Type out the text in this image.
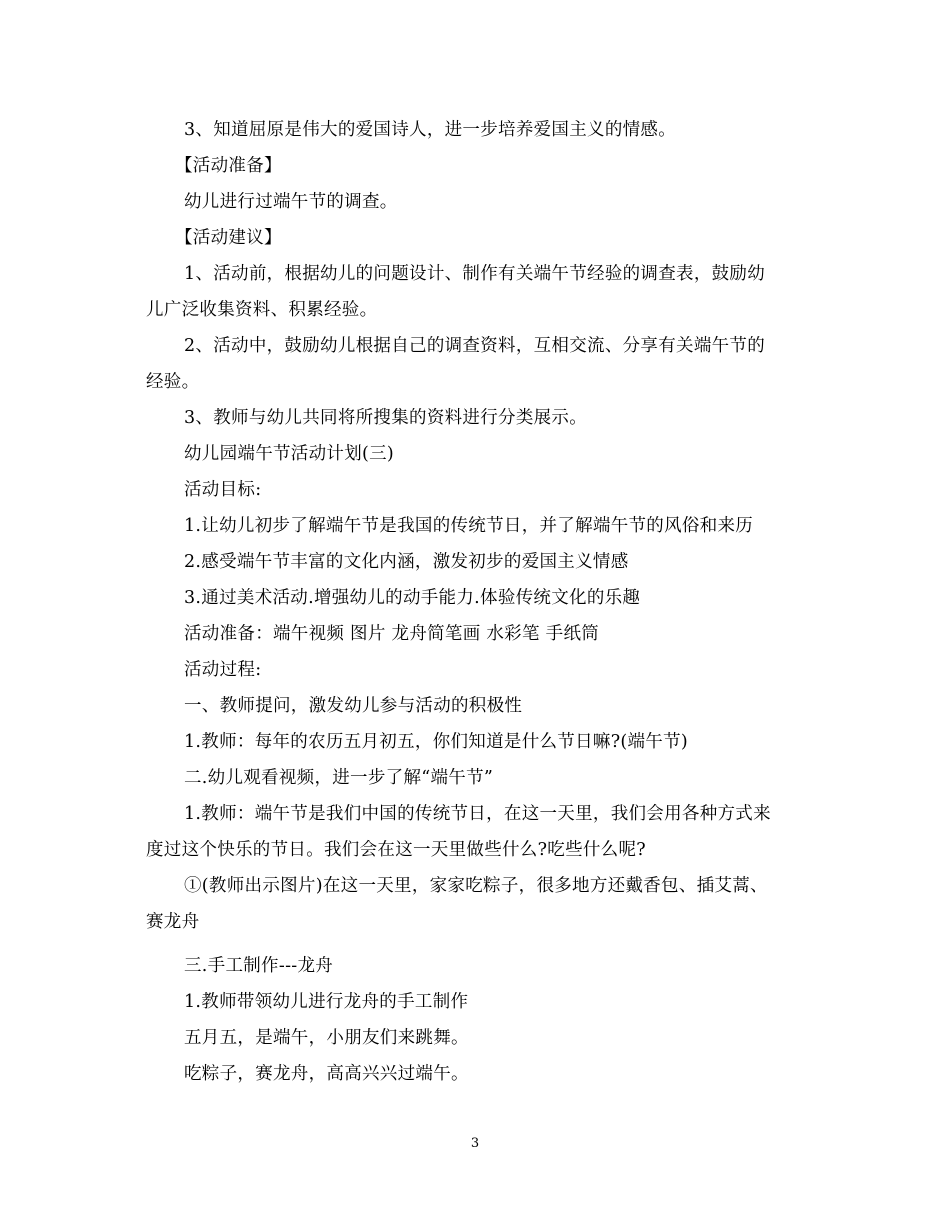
3、知道屈原是伟大的爱国诗人，进一步培养爱国主义的情感。
【活动准备】
幼儿进行过端午节的调查。
【活动建议】
1、活动前，根据幼儿的问题设计、制作有关端午节经验的调查表，鼓励幼
儿广泛收集资料、积累经验。
2、活动中，鼓励幼儿根据自己的调查资料，互相交流、分享有关端午节的
经验。
3、教师与幼儿共同将所搜集的资料进行分类展示。
幼儿园端午节活动计划(三)
活动目标:
1.让幼儿初步了解端午节是我国的传统节日，并了解端午节的风俗和来历
2.感受端午节丰富的文化内涵，激发初步的爱国主义情感
3.通过美术活动.增强幼儿的动手能力.体验传统文化的乐趣
活动准备：端午视频 图片 龙舟简笔画 水彩笔 手纸筒
活动过程:
一、教师提问，激发幼儿参与活动的积极性
1.教师：每年的农历五月初五，你们知道是什么节日嘛?(端午节)
二.幼儿观看视频，进一步了解“端午节”
1.教师：端午节是我们中国的传统节日，在这一天里，我们会用各种方式来
度过这个快乐的节日。我们会在这一天里做些什么?吃些什么呢?
①(教师出示图片)在这一天里，家家吃粽子，很多地方还戴香包、插艾蒿、
赛龙舟
三.手工制作---龙舟
1.教师带领幼儿进行龙舟的手工制作
五月五，是端午，小朋友们来跳舞。
吃粽子，赛龙舟，高高兴兴过端午。
3
